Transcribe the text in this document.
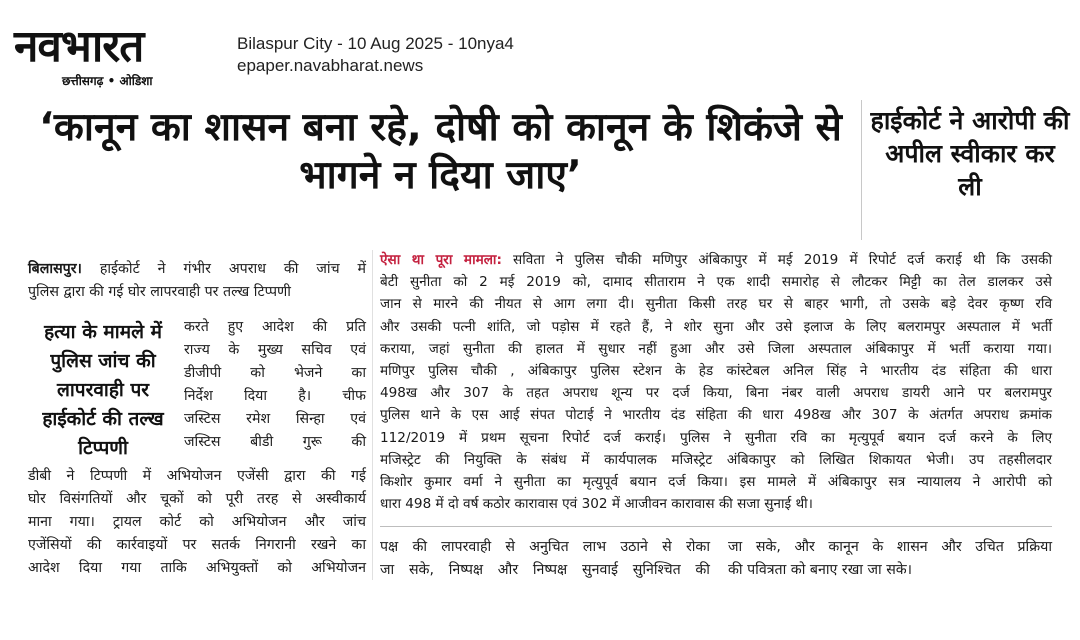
नवभारत
छत्तीसगढ़ • ओडिशा
Bilaspur City - 10 Aug 2025 - 10nya4
epaper.navabharat.news
‘कानून का शासन बना रहे, दोषी को कानून के शिकंजे से भागने न दिया जाए’
हाईकोर्ट ने आरोपी की अपील स्वीकार कर ली

बिलासपुर। हाईकोर्ट ने गंभीर अपराध की जांच में

पुलिस द्वारा की गई घोर लापरवाही पर तल्ख टिप्पणी

हत्या के मामले में पुलिस जांच की लापरवाही पर हाईकोर्ट की तल्ख टिप्पणी

करते हुए आदेश की प्रति

राज्य के मुख्य सचिव एवं

डीजीपी को भेजने का

निर्देश दिया है। चीफ

जस्टिस रमेश सिन्हा एवं

जस्टिस बीडी गुरू की

डीबी ने टिप्पणी में अभियोजन एजेंसी द्वारा की गई

घोर विसंगतियों और चूकों को पूरी तरह से अस्वीकार्य

माना गया। ट्रायल कोर्ट को अभियोजन और जांच

एजेंसियों की कार्रवाइयों पर सतर्क निगरानी रखने का

आदेश दिया गया ताकि अभियुक्तों को अभियोजन

ऐसा था पूरा मामला: सविता ने पुलिस चौकी मणिपुर अंबिकापुर में मई 2019 में रिपोर्ट दर्ज कराई थी कि उसकी

बेटी सुनीता को 2 मई 2019 को, दामाद सीताराम ने एक शादी समारोह से लौटकर मिट्टी का तेल डालकर उसे

जान से मारने की नीयत से आग लगा दी। सुनीता किसी तरह घर से बाहर भागी, तो उसके बड़े देवर कृष्ण रवि

और उसकी पत्नी शांति, जो पड़ोस में रहते हैं, ने शोर सुना और उसे इलाज के लिए बलरामपुर अस्पताल में भर्ती

कराया, जहां सुनीता की हालत में सुधार नहीं हुआ और उसे जिला अस्पताल अंबिकापुर में भर्ती कराया गया।

मणिपुर पुलिस चौकी , अंबिकापुर पुलिस स्टेशन के हेड कांस्टेबल अनिल सिंह ने भारतीय दंड संहिता की धारा

498ख और 307 के तहत अपराध शून्य पर दर्ज किया, बिना नंबर वाली अपराध डायरी आने पर बलरामपुर

पुलिस थाने के एस आई संपत पोटाई ने भारतीय दंड संहिता की धारा 498ख और 307 के अंतर्गत अपराध क्रमांक

112/2019 में प्रथम सूचना रिपोर्ट दर्ज कराई। पुलिस ने सुनीता रवि का मृत्युपूर्व बयान दर्ज करने के लिए

मजिस्ट्रेट की नियुक्ति के संबंध में कार्यपालक मजिस्ट्रेट अंबिकापुर को लिखित शिकायत भेजी। उप तहसीलदार

किशोर कुमार वर्मा ने सुनीता का मृत्युपूर्व बयान दर्ज किया। इस मामले में अंबिकापुर सत्र न्यायालय ने आरोपी को

धारा 498 में दो वर्ष कठोर कारावास एवं 302 में आजीवन कारावास की सजा सुनाई थी।

पक्ष की लापरवाही से अनुचित लाभ उठाने से रोका

जा सके, निष्पक्ष और निष्पक्ष सुनवाई सुनिश्चित की

जा सके, और कानून के शासन और उचित प्रक्रिया

की पवित्रता को बनाए रखा जा सके।
